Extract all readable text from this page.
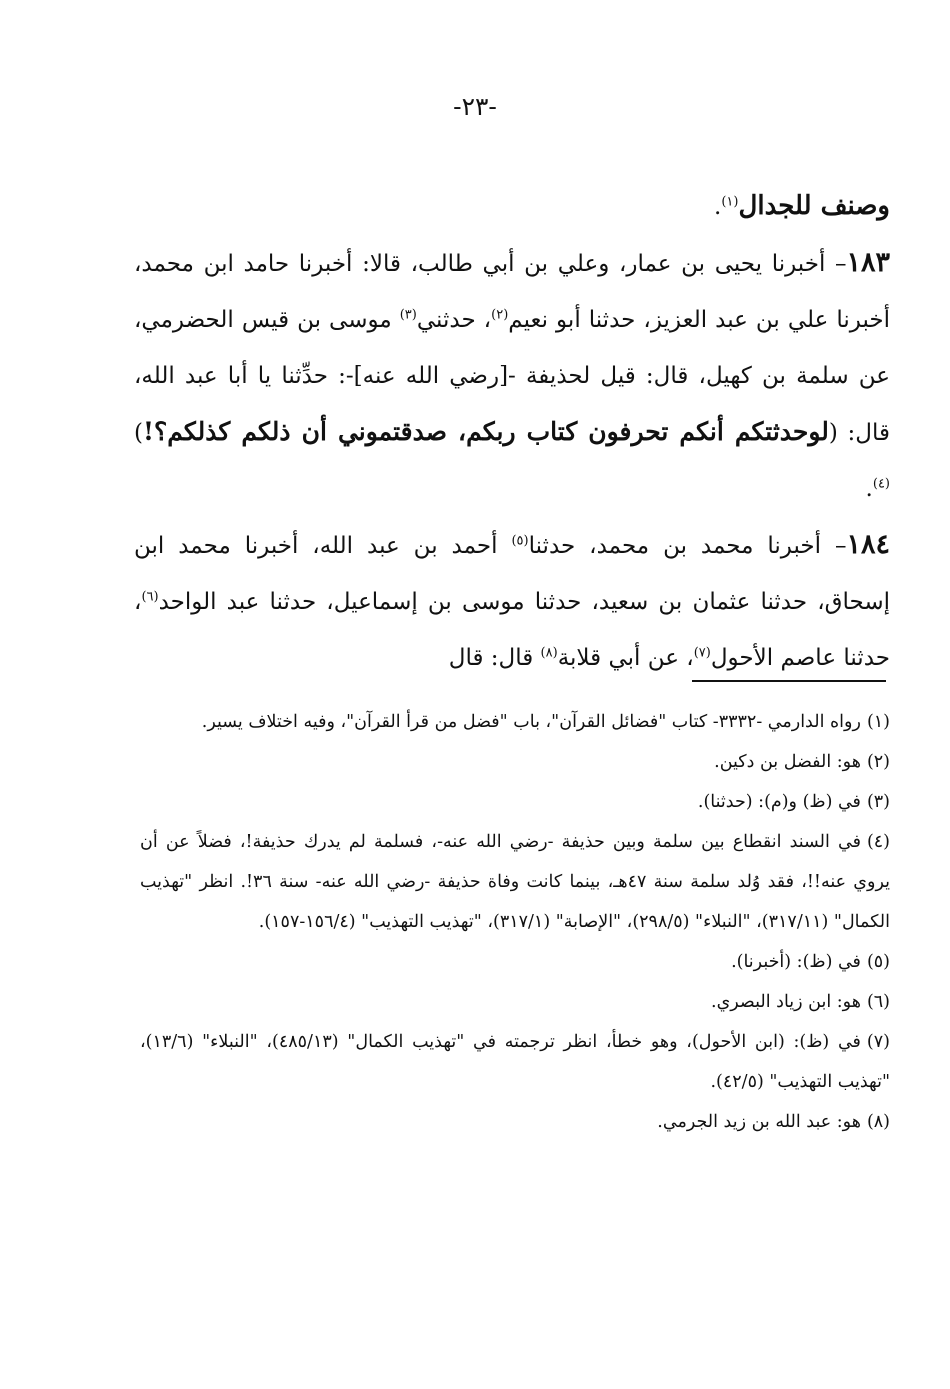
-٢٣-

وصنف للجدال$^{(١)}$.

١٨٣– أخبرنا يحيى بن عمار، وعلي بن أبي طالب، قالا: أخبرنا حامد ابن محمد، أخبرنا علي بن عبد العزيز، حدثنا أبو نعيم$^{(٢)}$، حدثني$^{(٣)}$ موسى بن قيس الحضرمي، عن سلمة بن كهيل، قال: قيل لحذيفة -[رضي الله عنه]-: حدِّثنا يا أبا عبد الله، قال: (لوحدثتكم أنكم تحرفون كتاب ربكم، صدقتموني أن ذلكم كذلكم؟!)$^{(٤)}$.

١٨٤– أخبرنا محمد بن محمد، حدثنا$^{(٥)}$ أحمد بن عبد الله، أخبرنا محمد ابن إسحاق، حدثنا عثمان بن سعيد، حدثنا موسى بن إسماعيل، حدثنا عبد الواحد$^{(٦)}$، حدثنا عاصم الأحول$^{(٧)}$، عن أبي قلابة$^{(٨)}$ قال: قال

(١)رواه الدارمي -٣٣٣٢- كتاب "فضائل القرآن"، باب "فضل من قرأ القرآن"، وفيه اختلاف يسير.

(٢)هو: الفضل بن دكين.

(٣)في (ظ) و(م): (حدثنا).

(٤)في السند انقطاع بين سلمة وبين حذيفة -رضي الله عنه-، فسلمة لم يدرك حذيفة!، فضلاً عن أن يروي عنه!!، فقد وُلد سلمة سنة ٤٧هـ، بينما كانت وفاة حذيفة -رضي الله عنه- سنة ٣٦!. انظر "تهذيب الكمال" (٣١٧/١١)، "النبلاء" (٢٩٨/٥)، "الإصابة" (٣١٧/١)، "تهذيب التهذيب" (١٥٦/٤-١٥٧).

(٥)في (ظ): (أخبرنا).

(٦)هو: ابن زياد البصري.

(٧)في (ظ): (ابن الأحول)، وهو خطأ، انظر ترجمته في "تهذيب الكمال" (٤٨٥/١٣)، "النبلاء" (١٣/٦)، "تهذيب التهذيب" (٤٢/٥).

(٨)هو: عبد الله بن زيد الجرمي.
